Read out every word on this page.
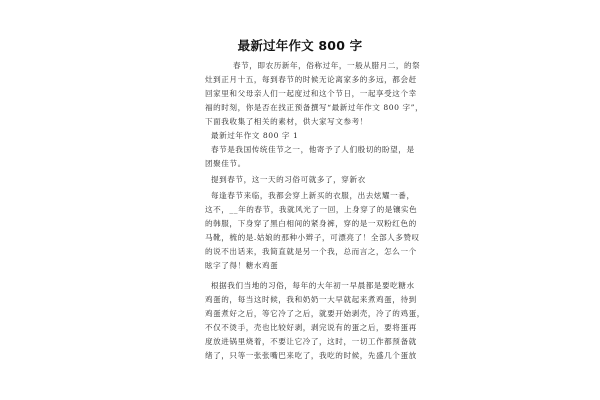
最新过年作文 800 字
春节，即农历新年，俗称过年，一般从腊月二，的祭
灶到正月十五，每到春节的时候无论离家多的多远，都会赶
回家里和父母亲人们一起度过和这个节日，一起享受这个幸
福的时刻，你是否在找正预备撰写“最新过年作文 800 字”，
下面我收集了相关的素材，供大家写文参考！
最新过年作文 800 字 1
春节是我国传统佳节之一，他寄予了人们殷切的盼望，是
团聚佳节。
提到春节，这一天的习俗可就多了，穿新衣
每逢春节来临，我都会穿上新买的衣服，出去炫耀一番，
这不，__年的春节，我就风光了一回，上身穿了的是镶实色
的韩服，下身穿了黑白相间的紧身裤，穿的是一双粉红色的
马靴，梳的是.姑娘的那种小辫子，可漂亮了！全部人多赞叹
的说不出话来，我简直就是另一个我，总而言之，怎么一个
眩字了得！糖水鸡蛋
根据我们当地的习俗，每年的大年初一早晨都是要吃糖水
鸡蛋的，每当这时候，我和奶奶一大早就起来煮鸡蛋，待到
鸡蛋煮好之后，等它冷了之后，就要开始剥壳，冷了的鸡蛋，
不仅不烫手，壳也比较好剥，剥完说有的蛋之后，要将蛋再
度放进锅里烧着，不要让它冷了，这时，一切工作都预备就
绪了，只等一张张嘴巴来吃了，我吃的时候，先盛几个蛋放
